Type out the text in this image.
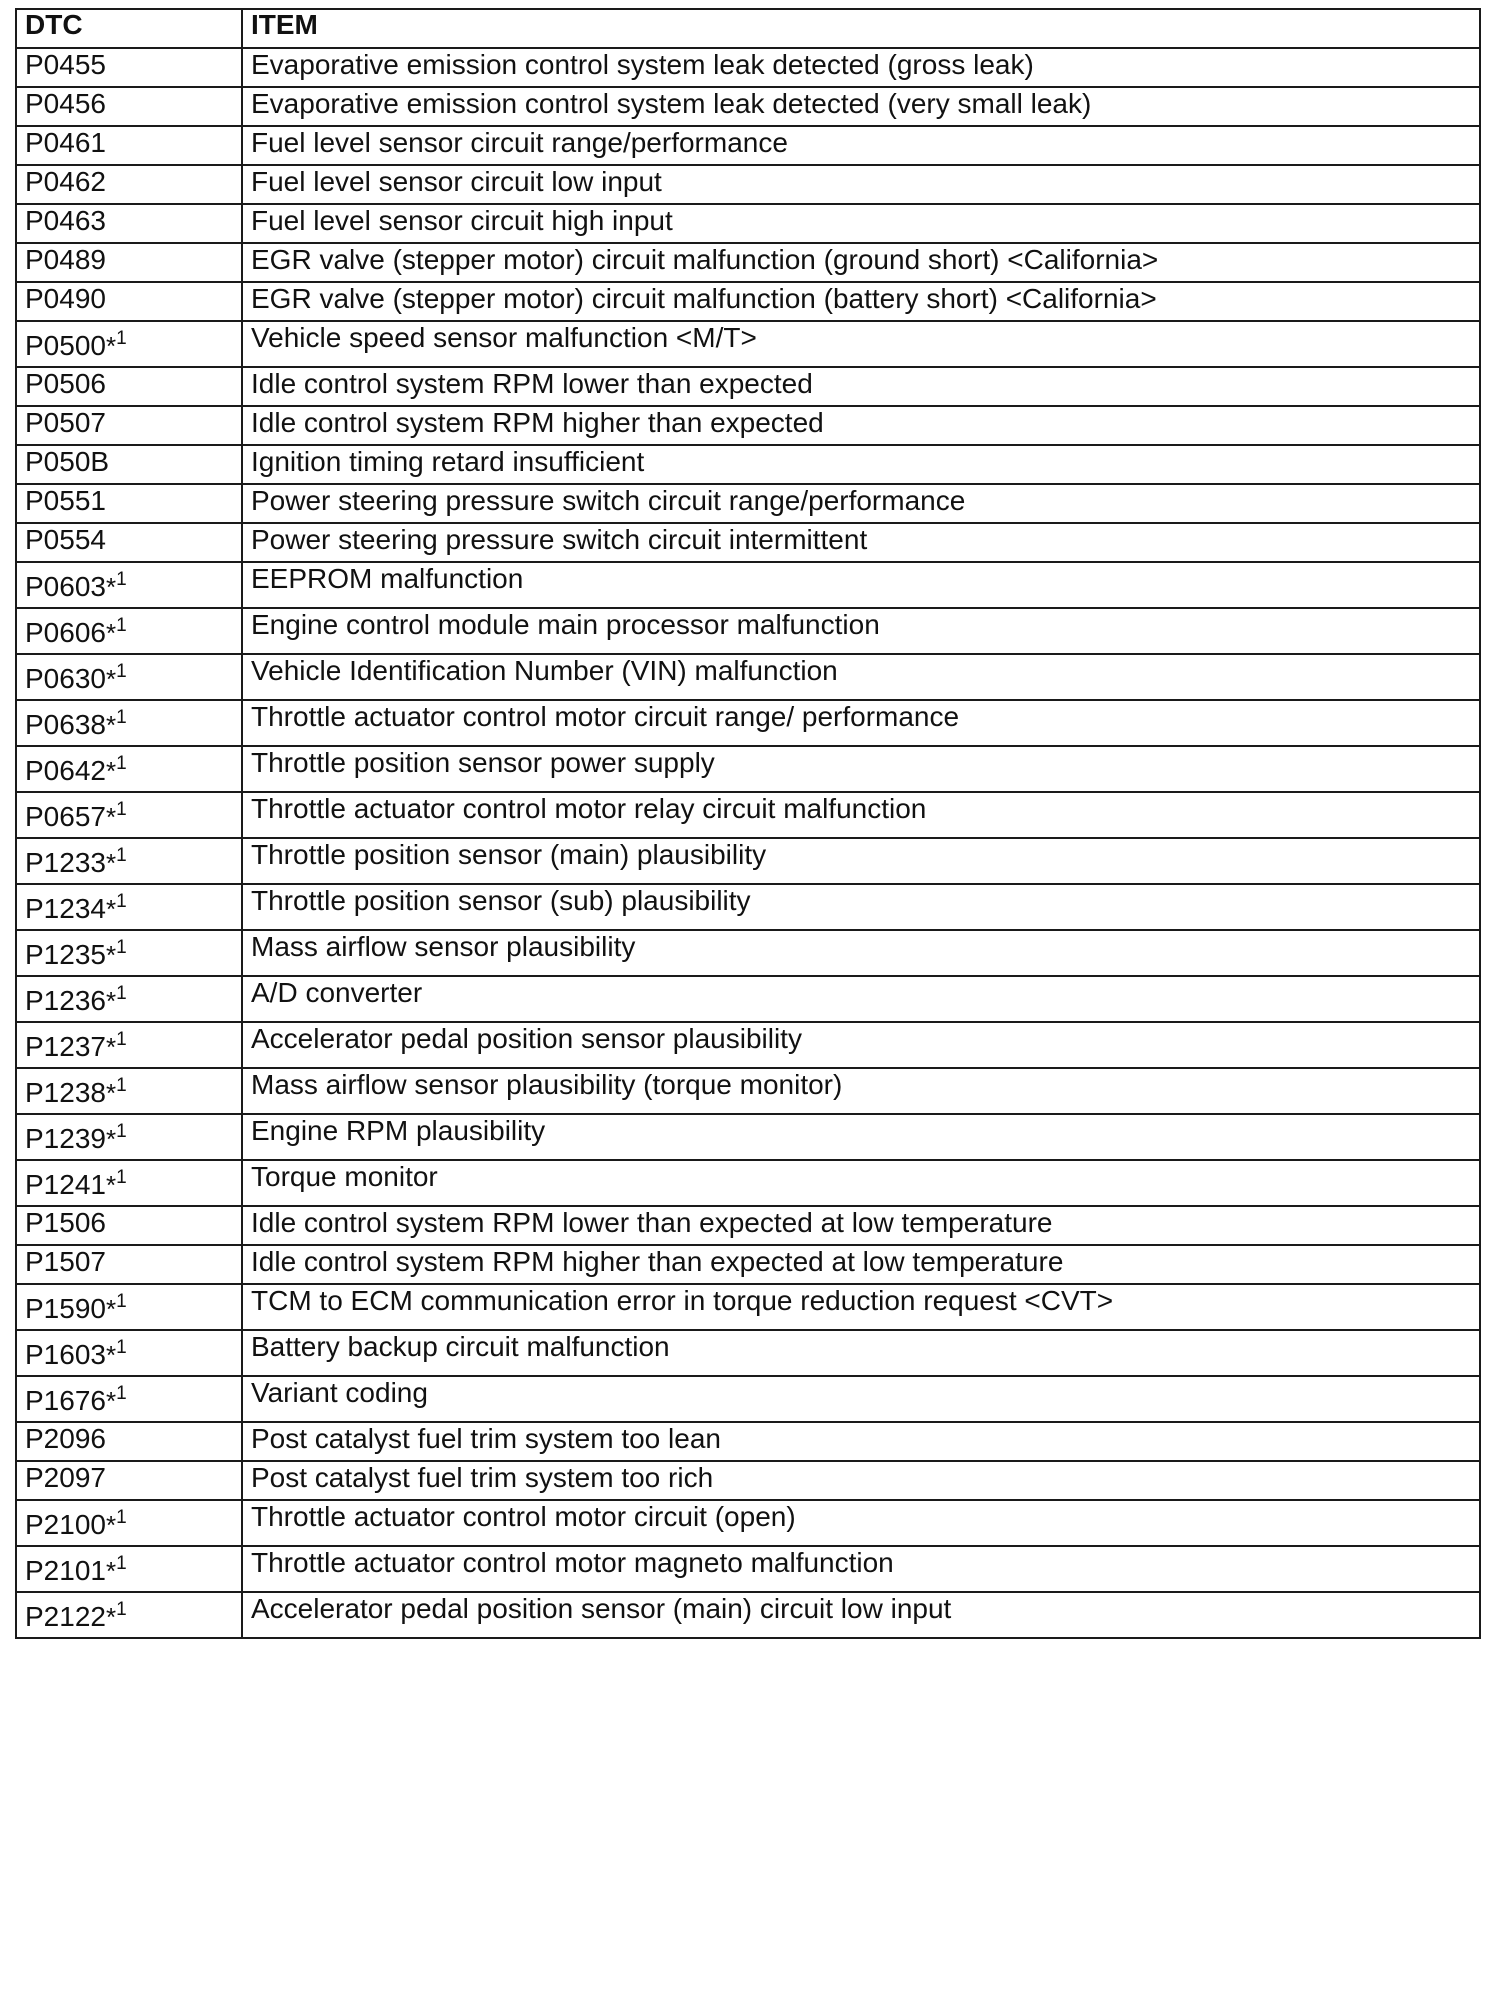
DTC	ITEM
P0455	Evaporative emission control system leak detected (gross leak)
P0456	Evaporative emission control system leak detected (very small leak)
P0461	Fuel level sensor circuit range/performance
P0462	Fuel level sensor circuit low input
P0463	Fuel level sensor circuit high input
P0489	EGR valve (stepper motor) circuit malfunction (ground short) <California>
P0490	EGR valve (stepper motor) circuit malfunction (battery short) <California>
P0500*$^1$	Vehicle speed sensor malfunction <M/T>
P0506	Idle control system RPM lower than expected
P0507	Idle control system RPM higher than expected
P050B	Ignition timing retard insufficient
P0551	Power steering pressure switch circuit range/performance
P0554	Power steering pressure switch circuit intermittent
P0603*$^1$	EEPROM malfunction
P0606*$^1$	Engine control module main processor malfunction
P0630*$^1$	Vehicle Identification Number (VIN) malfunction
P0638*$^1$	Throttle actuator control motor circuit range/ performance
P0642*$^1$	Throttle position sensor power supply
P0657*$^1$	Throttle actuator control motor relay circuit malfunction
P1233*$^1$	Throttle position sensor (main) plausibility
P1234*$^1$	Throttle position sensor (sub) plausibility
P1235*$^1$	Mass airflow sensor plausibility
P1236*$^1$	A/D converter
P1237*$^1$	Accelerator pedal position sensor plausibility
P1238*$^1$	Mass airflow sensor plausibility (torque monitor)
P1239*$^1$	Engine RPM plausibility
P1241*$^1$	Torque monitor
P1506	Idle control system RPM lower than expected at low temperature
P1507	Idle control system RPM higher than expected at low temperature
P1590*$^1$	TCM to ECM communication error in torque reduction request <CVT>
P1603*$^1$	Battery backup circuit malfunction
P1676*$^1$	Variant coding
P2096	Post catalyst fuel trim system too lean
P2097	Post catalyst fuel trim system too rich
P2100*$^1$	Throttle actuator control motor circuit (open)
P2101*$^1$	Throttle actuator control motor magneto malfunction
P2122*$^1$	Accelerator pedal position sensor (main) circuit low input
